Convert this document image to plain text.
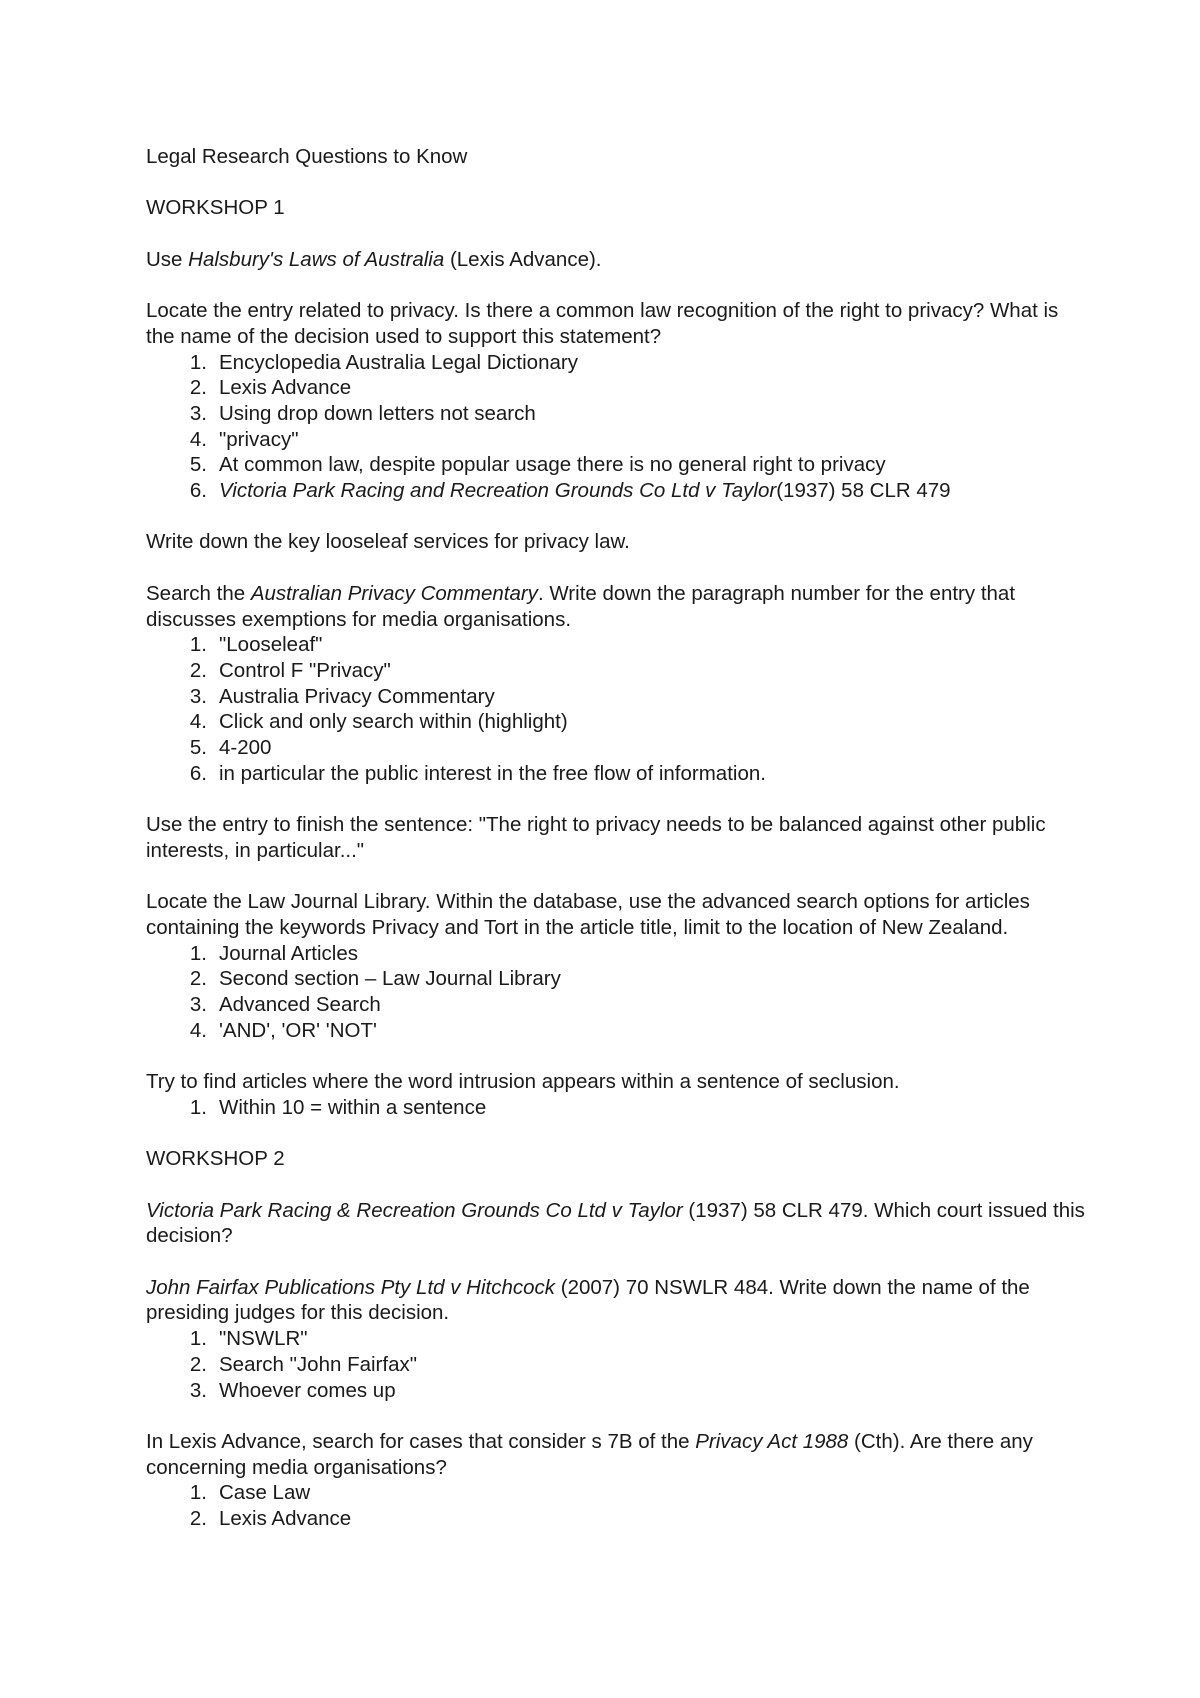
Legal Research Questions to Know

WORKSHOP 1

Use Halsbury's Laws of Australia (Lexis Advance).

Locate the entry related to privacy. Is there a common law recognition of the right to privacy? What is the name of the decision used to support this statement?

1. Encyclopedia Australia Legal Dictionary
2. Lexis Advance
3. Using drop down letters not search
4. "privacy"
5. At common law, despite popular usage there is no general right to privacy
6. Victoria Park Racing and Recreation Grounds Co Ltd v Taylor(1937) 58 CLR 479

Write down the key looseleaf services for privacy law.

Search the Australian Privacy Commentary. Write down the paragraph number for the entry that discusses exemptions for media organisations.

1. "Looseleaf"
2. Control F "Privacy"
3. Australia Privacy Commentary
4. Click and only search within (highlight)
5. 4-200
6. in particular the public interest in the free flow of information.

Use the entry to finish the sentence: "The right to privacy needs to be balanced against other public interests, in particular..."

Locate the Law Journal Library. Within the database, use the advanced search options for articles containing the keywords Privacy and Tort in the article title, limit to the location of New Zealand.

1. Journal Articles
2. Second section – Law Journal Library
3. Advanced Search
4. 'AND', 'OR' 'NOT'

Try to find articles where the word intrusion appears within a sentence of seclusion.

1. Within 10 = within a sentence

WORKSHOP 2

Victoria Park Racing & Recreation Grounds Co Ltd v Taylor (1937) 58 CLR 479. Which court issued this decision?

John Fairfax Publications Pty Ltd v Hitchcock (2007) 70 NSWLR 484. Write down the name of the presiding judges for this decision.

1. "NSWLR"
2. Search "John Fairfax"
3. Whoever comes up

In Lexis Advance, search for cases that consider s 7B of the Privacy Act 1988 (Cth). Are there any concerning media organisations?

1. Case Law
2. Lexis Advance
